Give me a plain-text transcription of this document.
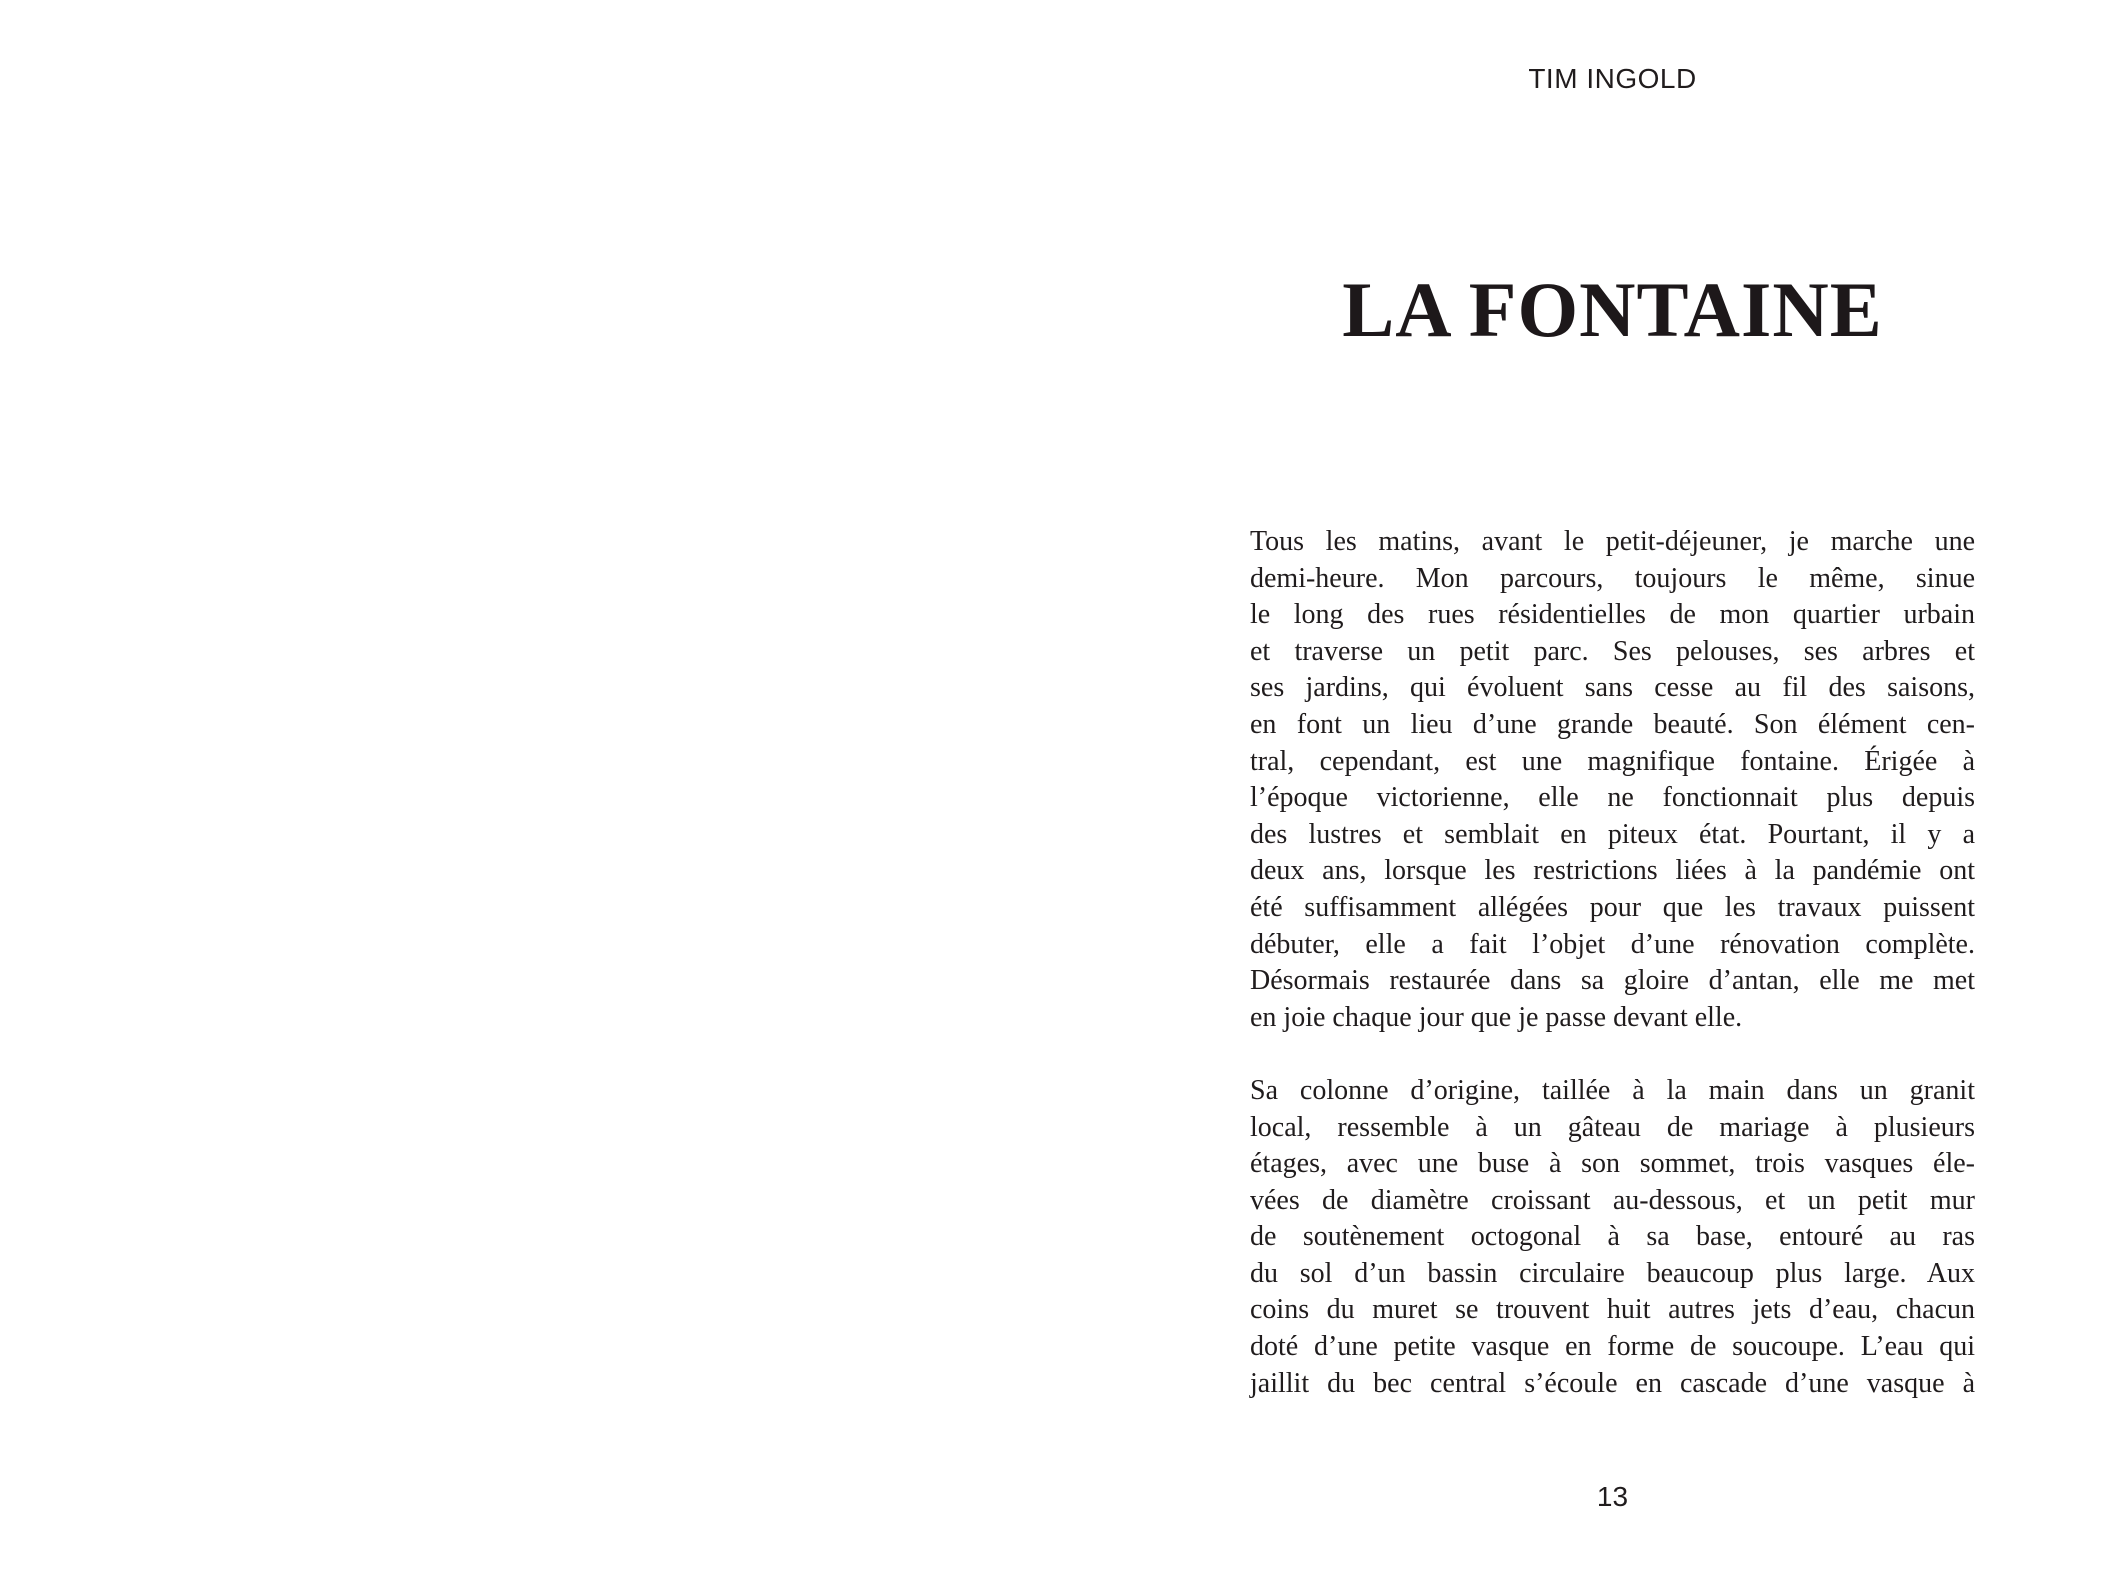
TIM INGOLD
LA FONTAINE
Tous les matins, avant le petit-déjeuner, je marche une
demi-heure. Mon parcours, toujours le même, sinue
le long des rues résidentielles de mon quartier urbain
et traverse un petit parc. Ses pelouses, ses arbres et
ses jardins, qui évoluent sans cesse au fil des saisons,
en font un lieu d’une grande beauté. Son élément cen-
tral, cependant, est une magnifique fontaine. Érigée à
l’époque victorienne, elle ne fonctionnait plus depuis
des lustres et semblait en piteux état. Pourtant, il y a
deux ans, lorsque les restrictions liées à la pandémie ont
été suffisamment allégées pour que les travaux puissent
débuter, elle a fait l’objet d’une rénovation complète.
Désormais restaurée dans sa gloire d’antan, elle me met
en joie chaque jour que je passe devant elle.
Sa colonne d’origine, taillée à la main dans un granit
local, ressemble à un gâteau de mariage à plusieurs
étages, avec une buse à son sommet, trois vasques éle-
vées de diamètre croissant au-dessous, et un petit mur
de soutènement octogonal à sa base, entouré au ras
du sol d’un bassin circulaire beaucoup plus large. Aux
coins du muret se trouvent huit autres jets d’eau, chacun
doté d’une petite vasque en forme de soucoupe. L’eau qui
jaillit du bec central s’écoule en cascade d’une vasque à
13
